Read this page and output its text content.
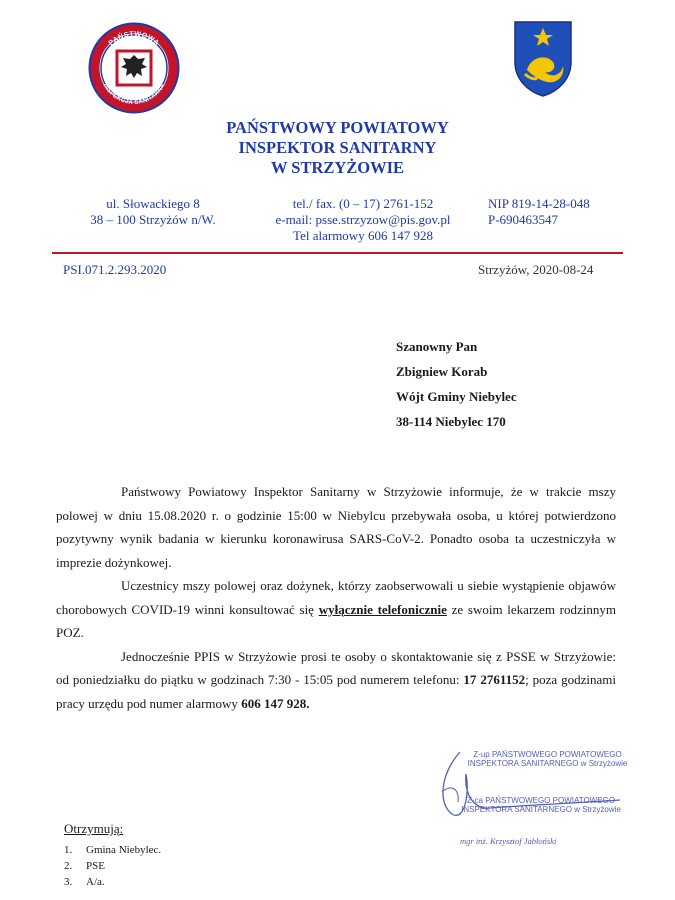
PAŃSTWOWA
INSPEKCJA SANITARNA
PAŃSTWOWY POWIATOWY
INSPEKTOR SANITARNY
W STRZYŻOWIE
ul. Słowackiego 8
38 – 100 Strzyżów n/W.
tel./ fax. (0 – 17) 2761-152
e-mail: psse.strzyzow@pis.gov.pl
Tel alarmowy 606 147 928
NIP 819-14-28-048
P-690463547
PSI.071.2.293.2020	Strzyżów, 2020-08-24
Szanowny Pan
Zbigniew Korab
Wójt Gminy Niebylec
38-114 Niebylec 170

Państwowy Powiatowy Inspektor Sanitarny w Strzyżowie informuje, że w trakcie mszy polowej w dniu 15.08.2020 r. o godzinie 15:00 w Niebylcu przebywała osoba, u której potwierdzono pozytywny wynik badania w kierunku koronawirusa SARS-CoV-2. Ponadto osoba ta uczestniczyła w imprezie dożynkowej.

Uczestnicy mszy polowej oraz dożynek, którzy zaobserwowali u siebie wystąpienie objawów chorobowych COVID-19 winni konsultować się wyłącznie telefonicznie ze swoim lekarzem rodzinnym POZ.

Jednocześnie PPIS w Strzyżowie prosi te osoby o skontaktowanie się z PSSE w Strzyżowie: od poniedziałku do piątku w godzinach 7:30 - 15:05 pod numerem telefonu: 17 2761152; poza godzinami pracy urzędu pod numer alarmowy 606 147 928.

Z-up PAŃSTWOWEGO POWIATOWEGO INSPEKTORA SANITARNEGO w Strzyżowie
Z-ca PAŃSTWOWEGO POWIATOWEGO INSPEKTORA SANITARNEGO w Strzyżowie
mgr inż. Krzysztof Jabłoński
Otrzymują:
1.	Gmina Niebylec.
2.	PSE
3.	A/a.
